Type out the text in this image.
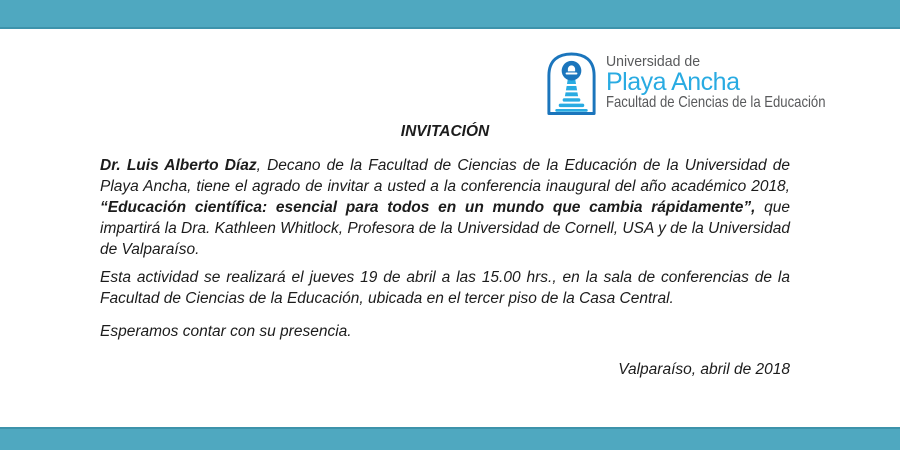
Universidad de
Playa Ancha
Facultad de Ciencias de la Educación
INVITACIÓN

Dr. Luis Alberto Díaz, Decano de la Facultad de Ciencias de la Educación de la Universidad de Playa Ancha, tiene el agrado de invitar a usted a la conferencia inaugural del año académico 2018, “Educación científica: esencial para todos en un mundo que cambia rápidamente”, que impartirá la Dra. Kathleen Whitlock, Profesora de la Universidad de Cornell, USA y de la Universidad de Valparaíso.

Esta actividad se realizará el jueves 19 de abril a las 15.00 hrs., en la sala de conferencias de la Facultad de Ciencias de la Educación, ubicada en el tercer piso de la Casa Central.

Esperamos contar con su presencia.

Valparaíso, abril de 2018
